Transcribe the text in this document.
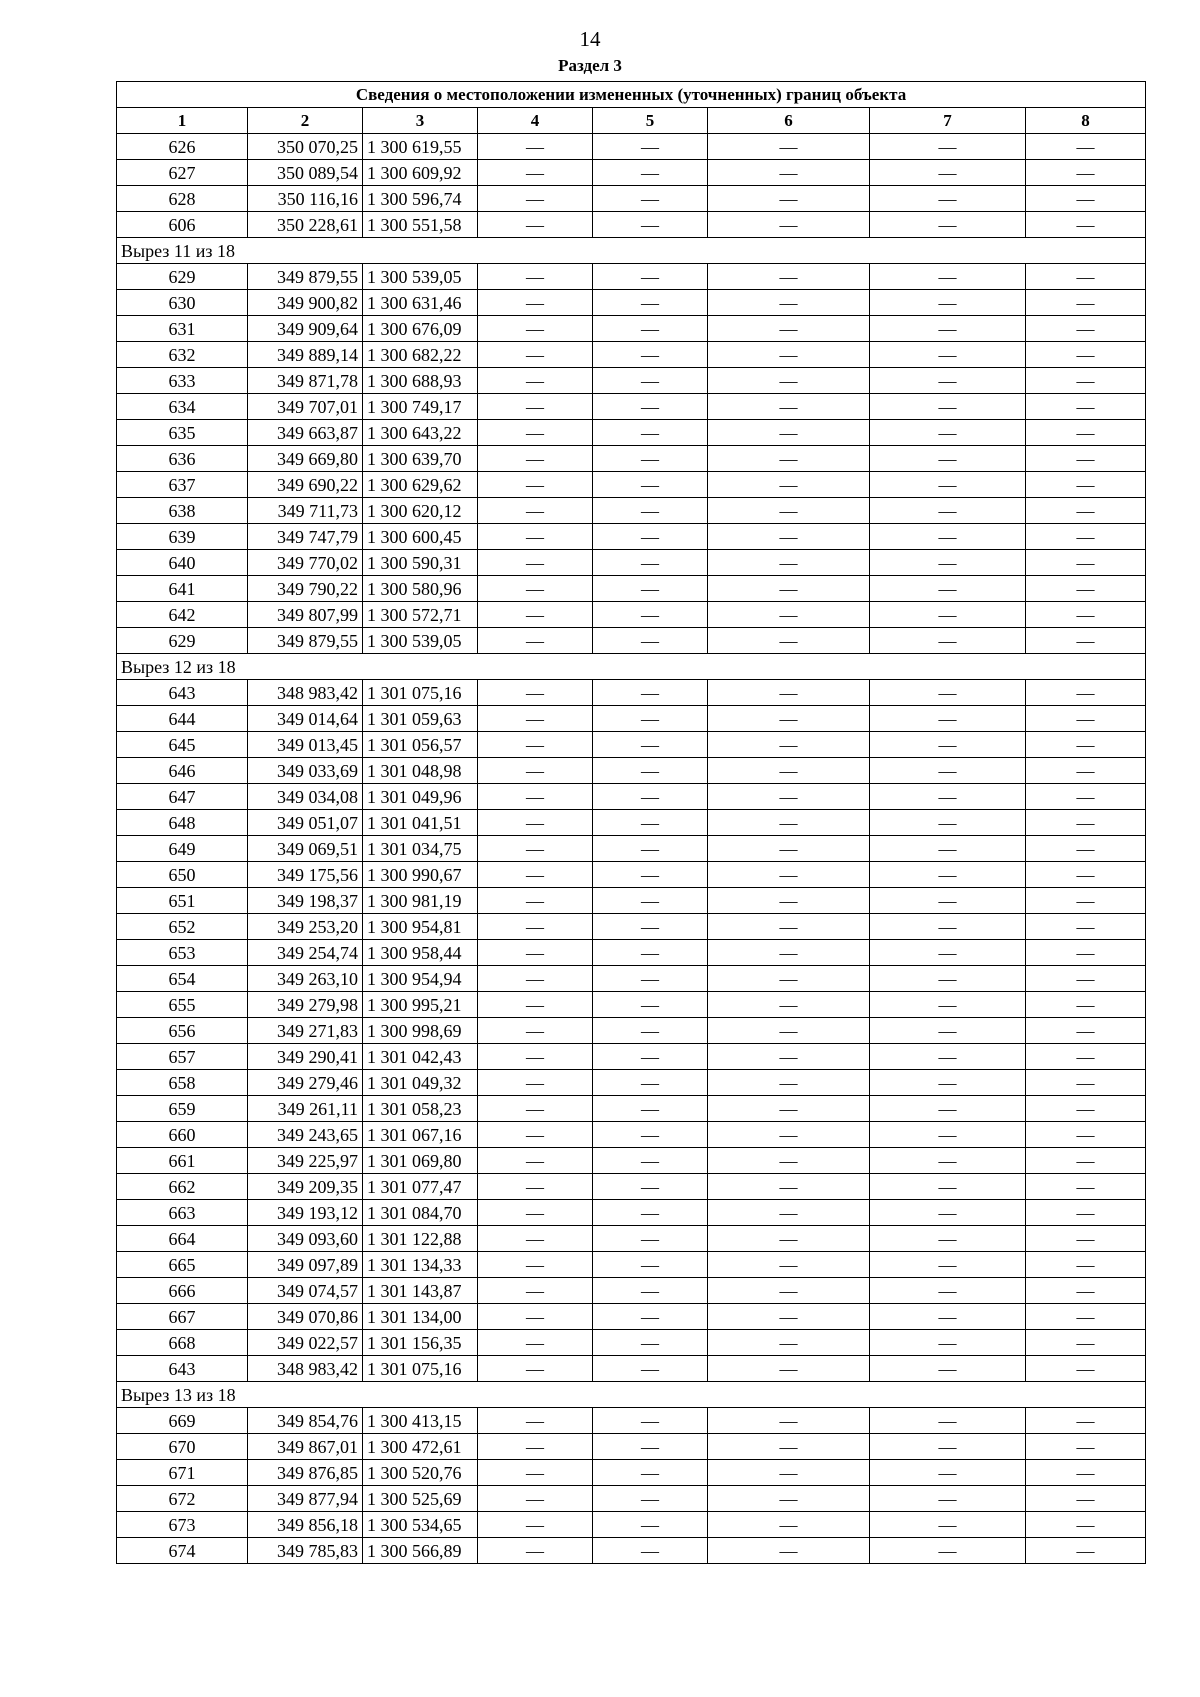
14
Раздел 3
Сведения о местоположении измененных (уточненных) границ объекта							
1	2	3	4	5	6	7	8
626	350 070,25	1 300 619,55	—	—	—	—	—
627	350 089,54	1 300 609,92	—	—	—	—	—
628	350 116,16	1 300 596,74	—	—	—	—	—
606	350 228,61	1 300 551,58	—	—	—	—	—
Вырез 11 из 18							
629	349 879,55	1 300 539,05	—	—	—	—	—
630	349 900,82	1 300 631,46	—	—	—	—	—
631	349 909,64	1 300 676,09	—	—	—	—	—
632	349 889,14	1 300 682,22	—	—	—	—	—
633	349 871,78	1 300 688,93	—	—	—	—	—
634	349 707,01	1 300 749,17	—	—	—	—	—
635	349 663,87	1 300 643,22	—	—	—	—	—
636	349 669,80	1 300 639,70	—	—	—	—	—
637	349 690,22	1 300 629,62	—	—	—	—	—
638	349 711,73	1 300 620,12	—	—	—	—	—
639	349 747,79	1 300 600,45	—	—	—	—	—
640	349 770,02	1 300 590,31	—	—	—	—	—
641	349 790,22	1 300 580,96	—	—	—	—	—
642	349 807,99	1 300 572,71	—	—	—	—	—
629	349 879,55	1 300 539,05	—	—	—	—	—
Вырез 12 из 18							
643	348 983,42	1 301 075,16	—	—	—	—	—
644	349 014,64	1 301 059,63	—	—	—	—	—
645	349 013,45	1 301 056,57	—	—	—	—	—
646	349 033,69	1 301 048,98	—	—	—	—	—
647	349 034,08	1 301 049,96	—	—	—	—	—
648	349 051,07	1 301 041,51	—	—	—	—	—
649	349 069,51	1 301 034,75	—	—	—	—	—
650	349 175,56	1 300 990,67	—	—	—	—	—
651	349 198,37	1 300 981,19	—	—	—	—	—
652	349 253,20	1 300 954,81	—	—	—	—	—
653	349 254,74	1 300 958,44	—	—	—	—	—
654	349 263,10	1 300 954,94	—	—	—	—	—
655	349 279,98	1 300 995,21	—	—	—	—	—
656	349 271,83	1 300 998,69	—	—	—	—	—
657	349 290,41	1 301 042,43	—	—	—	—	—
658	349 279,46	1 301 049,32	—	—	—	—	—
659	349 261,11	1 301 058,23	—	—	—	—	—
660	349 243,65	1 301 067,16	—	—	—	—	—
661	349 225,97	1 301 069,80	—	—	—	—	—
662	349 209,35	1 301 077,47	—	—	—	—	—
663	349 193,12	1 301 084,70	—	—	—	—	—
664	349 093,60	1 301 122,88	—	—	—	—	—
665	349 097,89	1 301 134,33	—	—	—	—	—
666	349 074,57	1 301 143,87	—	—	—	—	—
667	349 070,86	1 301 134,00	—	—	—	—	—
668	349 022,57	1 301 156,35	—	—	—	—	—
643	348 983,42	1 301 075,16	—	—	—	—	—
Вырез 13 из 18							
669	349 854,76	1 300 413,15	—	—	—	—	—
670	349 867,01	1 300 472,61	—	—	—	—	—
671	349 876,85	1 300 520,76	—	—	—	—	—
672	349 877,94	1 300 525,69	—	—	—	—	—
673	349 856,18	1 300 534,65	—	—	—	—	—
674	349 785,83	1 300 566,89	—	—	—	—	—
